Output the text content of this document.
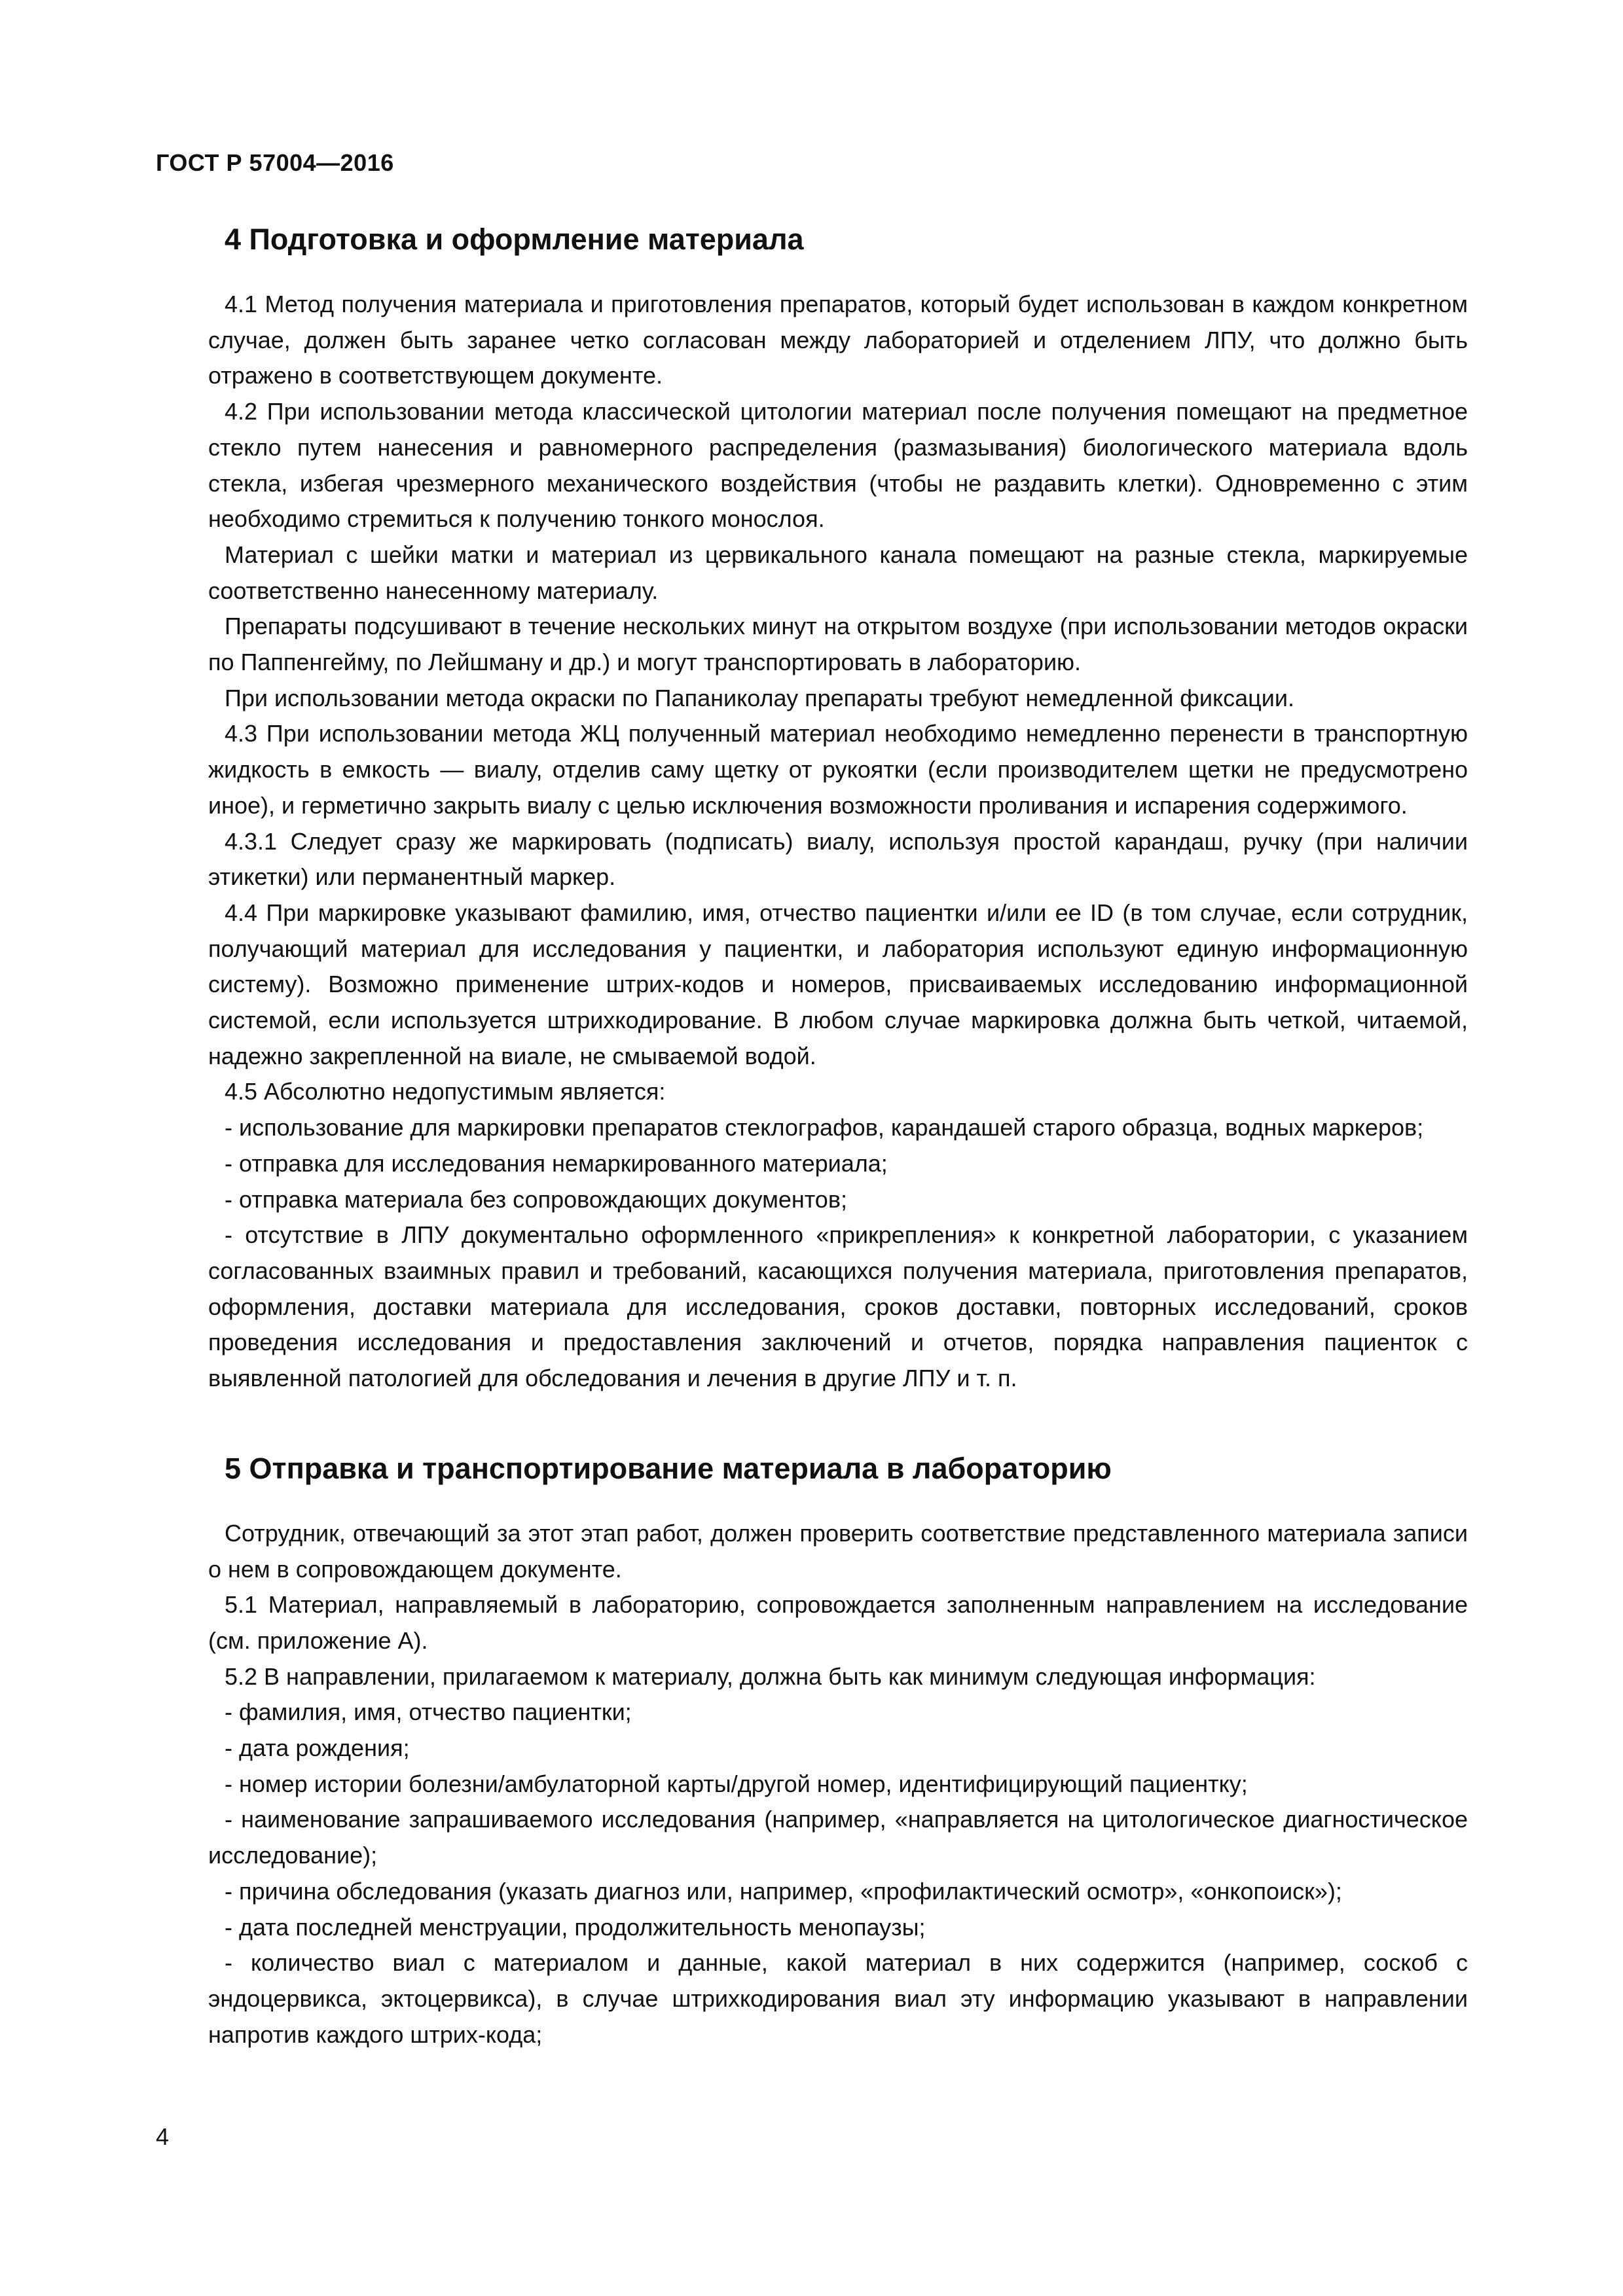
ГОСТ Р 57004—2016
4 Подготовка и оформление материала

4.1 Метод получения материала и приготовления препаратов, который будет использован в каждом конкретном случае, должен быть заранее четко согласован между лабораторией и отделением ЛПУ, что должно быть отражено в соответствующем документе.

4.2 При использовании метода классической цитологии материал после получения помещают на предметное стекло путем нанесения и равномерного распределения (размазывания) биологического материала вдоль стекла, избегая чрезмерного механического воздействия (чтобы не раздавить клетки). Одновременно с этим необходимо стремиться к получению тонкого монослоя.

Материал с шейки матки и материал из цервикального канала помещают на разные стекла, маркируемые соответственно нанесенному материалу.

Препараты подсушивают в течение нескольких минут на открытом воздухе (при использовании методов окраски по Паппенгейму, по Лейшману и др.) и могут транспортировать в лабораторию.

При использовании метода окраски по Папаниколау препараты требуют немедленной фиксации.

4.3 При использовании метода ЖЦ полученный материал необходимо немедленно перенести в транспортную жидкость в емкость — виалу, отделив саму щетку от рукоятки (если производителем щетки не предусмотрено иное), и герметично закрыть виалу с целью исключения возможности проливания и испарения содержимого.

4.3.1 Следует сразу же маркировать (подписать) виалу, используя простой карандаш, ручку (при наличии этикетки) или перманентный маркер.

4.4 При маркировке указывают фамилию, имя, отчество пациентки и/или ее ID (в том случае, если сотрудник, получающий материал для исследования у пациентки, и лаборатория используют единую информационную систему). Возможно применение штрих-кодов и номеров, присваиваемых исследованию информационной системой, если используется штрихкодирование. В любом случае маркировка должна быть четкой, читаемой, надежно закрепленной на виале, не смываемой водой.

4.5 Абсолютно недопустимым является:

- использование для маркировки препаратов стеклографов, карандашей старого образца, водных маркеров;

- отправка для исследования немаркированного материала;

- отправка материала без сопровождающих документов;

- отсутствие в ЛПУ документально оформленного «прикрепления» к конкретной лаборатории, с указанием согласованных взаимных правил и требований, касающихся получения материала, приготовления препаратов, оформления, доставки материала для исследования, сроков доставки, повторных исследований, сроков проведения исследования и предоставления заключений и отчетов, порядка направления пациенток с выявленной патологией для обследования и лечения в другие ЛПУ и т. п.

5 Отправка и транспортирование материала в лабораторию

Сотрудник, отвечающий за этот этап работ, должен проверить соответствие представленного материала записи о нем в сопровождающем документе.

5.1 Материал, направляемый в лабораторию, сопровождается заполненным направлением на исследование (см. приложение А).

5.2 В направлении, прилагаемом к материалу, должна быть как минимум следующая информация:

- фамилия, имя, отчество пациентки;

- дата рождения;

- номер истории болезни/амбулаторной карты/другой номер, идентифицирующий пациентку;

- наименование запрашиваемого исследования (например, «направляется на цитологическое диагностическое исследование);

- причина обследования (указать диагноз или, например, «профилактический осмотр», «онкопоиск»);

- дата последней менструации, продолжительность менопаузы;

- количество виал с материалом и данные, какой материал в них содержится (например, соскоб с эндоцервикса, эктоцервикса), в случае штрихкодирования виал эту информацию указывают в направлении напротив каждого штрих-кода;

4
